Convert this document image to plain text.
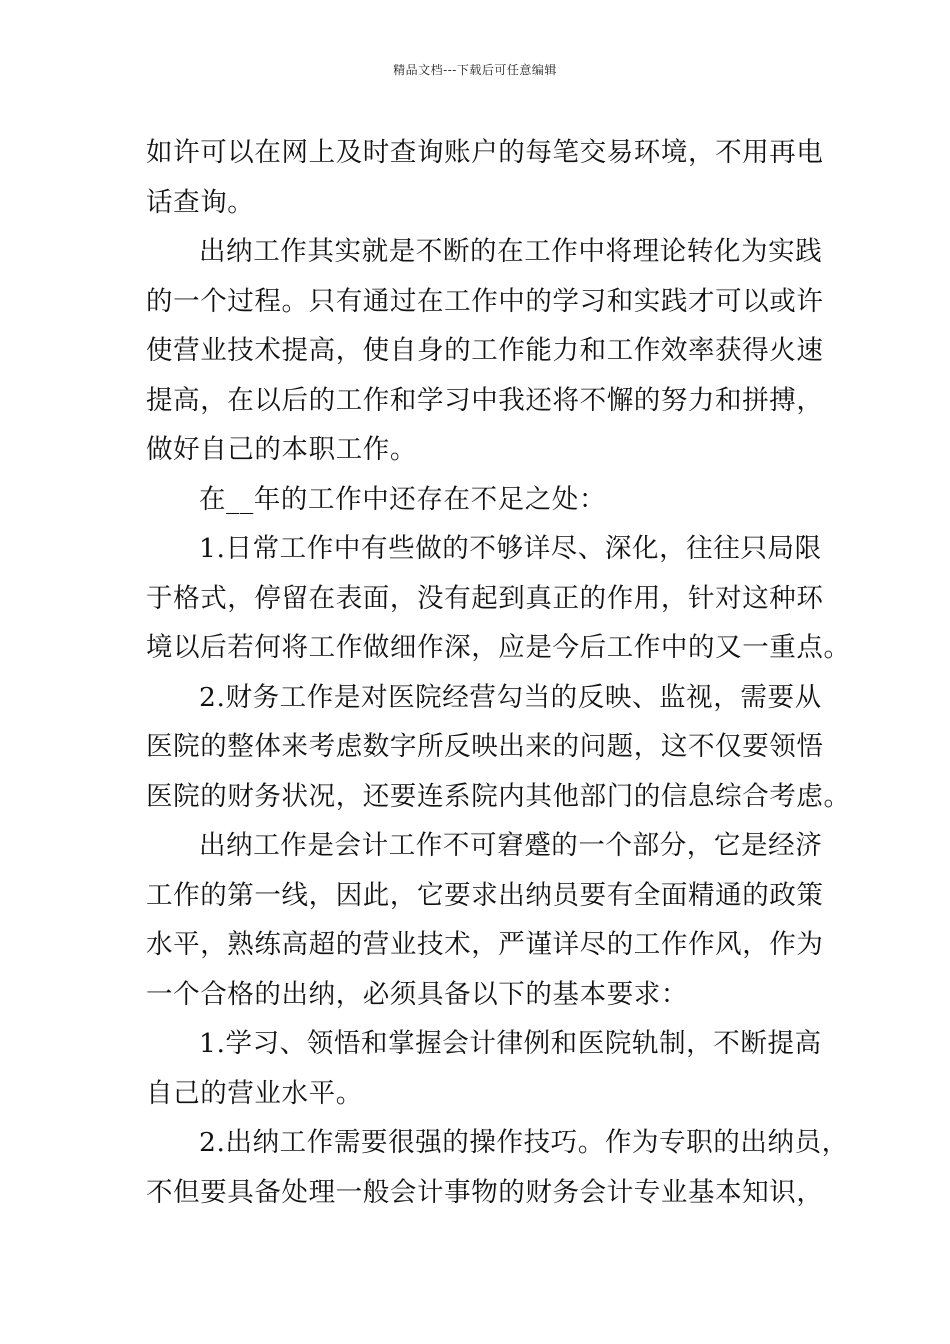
精品文档---下载后可任意编辑
如许可以在网上及时查询账户的每笔交易环境，不用再电
话查询。
出纳工作其实就是不断的在工作中将理论转化为实践
的一个过程。只有通过在工作中的学习和实践才可以或许
使营业技术提高，使自身的工作能力和工作效率获得火速
提高，在以后的工作和学习中我还将不懈的努力和拼搏，
做好自己的本职工作。
在__年的工作中还存在不足之处：
1.日常工作中有些做的不够详尽、深化，往往只局限
于格式，停留在表面，没有起到真正的作用，针对这种环
境以后若何将工作做细作深，应是今后工作中的又一重点。
2.财务工作是对医院经营勾当的反映、监视，需要从
医院的整体来考虑数字所反映出来的问题，这不仅要领悟
医院的财务状况，还要连系院内其他部门的信息综合考虑。
出纳工作是会计工作不可窘蹙的一个部分，它是经济
工作的第一线，因此，它要求出纳员要有全面精通的政策
水平，熟练高超的营业技术，严谨详尽的工作作风，作为
一个合格的出纳，必须具备以下的基本要求：
1.学习、领悟和掌握会计律例和医院轨制，不断提高
自己的营业水平。
2.出纳工作需要很强的操作技巧。作为专职的出纳员，
不但要具备处理一般会计事物的财务会计专业基本知识，
